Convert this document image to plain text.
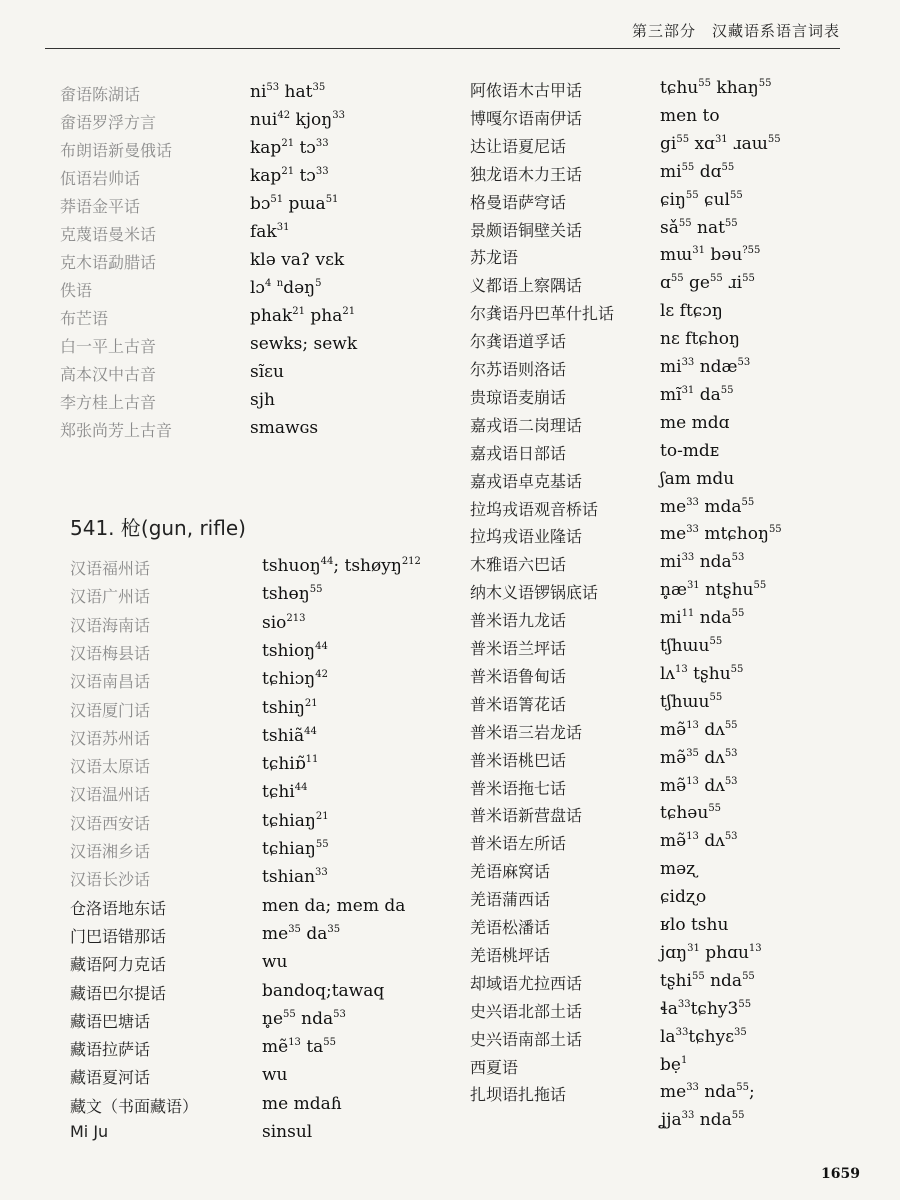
第三部分　汉藏语系语言词表
畲语陈湖话	$ni^{53}$ hat$^{35}$
畲语罗浮方言	nui$^{42}$ kjoŋ$^{33}$
布朗语新曼俄话	kap$^{21}$ tɔ$^{33}$
佤语岩帅话	kap$^{21}$ tɔ$^{33}$
莽语金平话	bɔ$^{51}$ pɯa$^{51}$
克蔑语曼米话	fak$^{31}$
克木语勐腊话	klə vaʔ vɛk
佚语	lɔ$^4$ $^n$dəŋ$^5$
布芒语	phak$^{21}$ pha$^{21}$
白一平上古音	sewks; sewk
高本汉中古音	sĩɛu
李方桂上古音	sjh
郑张尚芳上古音	smawɢs
541. 枪(gun, rifle)
汉语福州话	tshuoŋ$^{44}$; tshøyŋ$^{212}$
汉语广州话	tshɵŋ$^{55}$
汉语海南话	sio$^{213}$
汉语梅县话	tshioŋ$^{44}$
汉语南昌话	tɕhiɔŋ$^{42}$
汉语厦门话	tshiŋ$^{21}$
汉语苏州话	tshiã$^{44}$
汉语太原话	tɕhiɒ̃$^{11}$
汉语温州话	tɕhi$^{44}$
汉语西安话	tɕhiaŋ$^{21}$
汉语湘乡话	tɕhiaŋ$^{55}$
汉语长沙话	tshian$^{33}$
仓洛语地东话	men da; mem da
门巴语错那话	$me^{35}$ $da^{35}$
藏语阿力克话	wu
藏语巴尔提话	bandoq;tawaq
藏语巴塘话	$n̥e^{55}$ nda$^{53}$
藏语拉萨话	mẽ$^{13}$ $ta^{55}$
藏语夏河话	wu
藏文（书面藏语）	me mdaɦ
Mi Ju	sinsul
阿侬语木古甲话	tɕhu$^{55}$ khaŋ$^{55}$
博嘎尔语南伊话	men to
达让语夏尼话	$gi^{55}$ xɑ$^{31}$ ɹaɯ$^{55}$
独龙语木力王话	$mi^{55}$ dɑ$^{55}$
格曼语萨穹话	ɕiŋ$^{55}$ ɕul$^{55}$
景颇语铜壁关话	$sǎ^{55}$ nat$^{55}$
苏龙语	mɯ$^{31}$ bəu$^{?55}$
义都语上察隅话	ɑ$^{55}$ $ge^{55}$ ɹi$^{55}$
尔龚语丹巴革什扎话	lɛ ftɕɔŋ
尔龚语道孚话	nɛ ftɕhoŋ
尔苏语则洛话	$mi^{33}$ ndæ$^{53}$
贵琼语麦崩话	$mĩ^{31}$ $da^{55}$
嘉戎语二岗理话	me mdɑ
嘉戎语日部话	to-mdᴇ
嘉戎语卓克基话	ʃam mdu
拉坞戎语观音桥话	$me^{33}$ mda$^{55}$
拉坞戎语业隆话	$me^{33}$ mtɕhoŋ$^{55}$
木雅语六巴话	$mi^{33}$ nda$^{53}$
纳木义语锣锅底话	$n̥æ^{31}$ ntʂhu$^{55}$
普米语九龙话	$mi^{11}$ nda$^{55}$
普米语兰坪话	tʃhɯu$^{55}$
普米语鲁甸话	lʌ$^{13}$ tʂhu$^{55}$
普米语箐花话	tʃhɯu$^{55}$
普米语三岩龙话	mə̃$^{13}$ dʌ$^{55}$
普米语桃巴话	mə̃$^{35}$ dʌ$^{53}$
普米语拖七话	mə̃$^{13}$ dʌ$^{53}$
普米语新营盘话	tɕhəu$^{55}$
普米语左所话	mə̃$^{13}$ dʌ$^{53}$
羌语麻窝话	məʐ
羌语蒲西话	ɕidʐo
羌语松潘话	ʁlo tshu
羌语桃坪话	jɑŋ$^{31}$ phɑu$^{13}$
却域语尤拉西话	tʂhi$^{55}$ nda$^{55}$
史兴语北部土话	$ɬa^{33}tɕhy3^{55}$
史兴语南部土话	$la^{33}tɕhyɛ^{35}$
西夏语	bẹ$^1$
扎坝语扎拖话	$me^{33}$ nda$^{55}$;
ʝja$^{33}$ nda$^{55}$
1659
